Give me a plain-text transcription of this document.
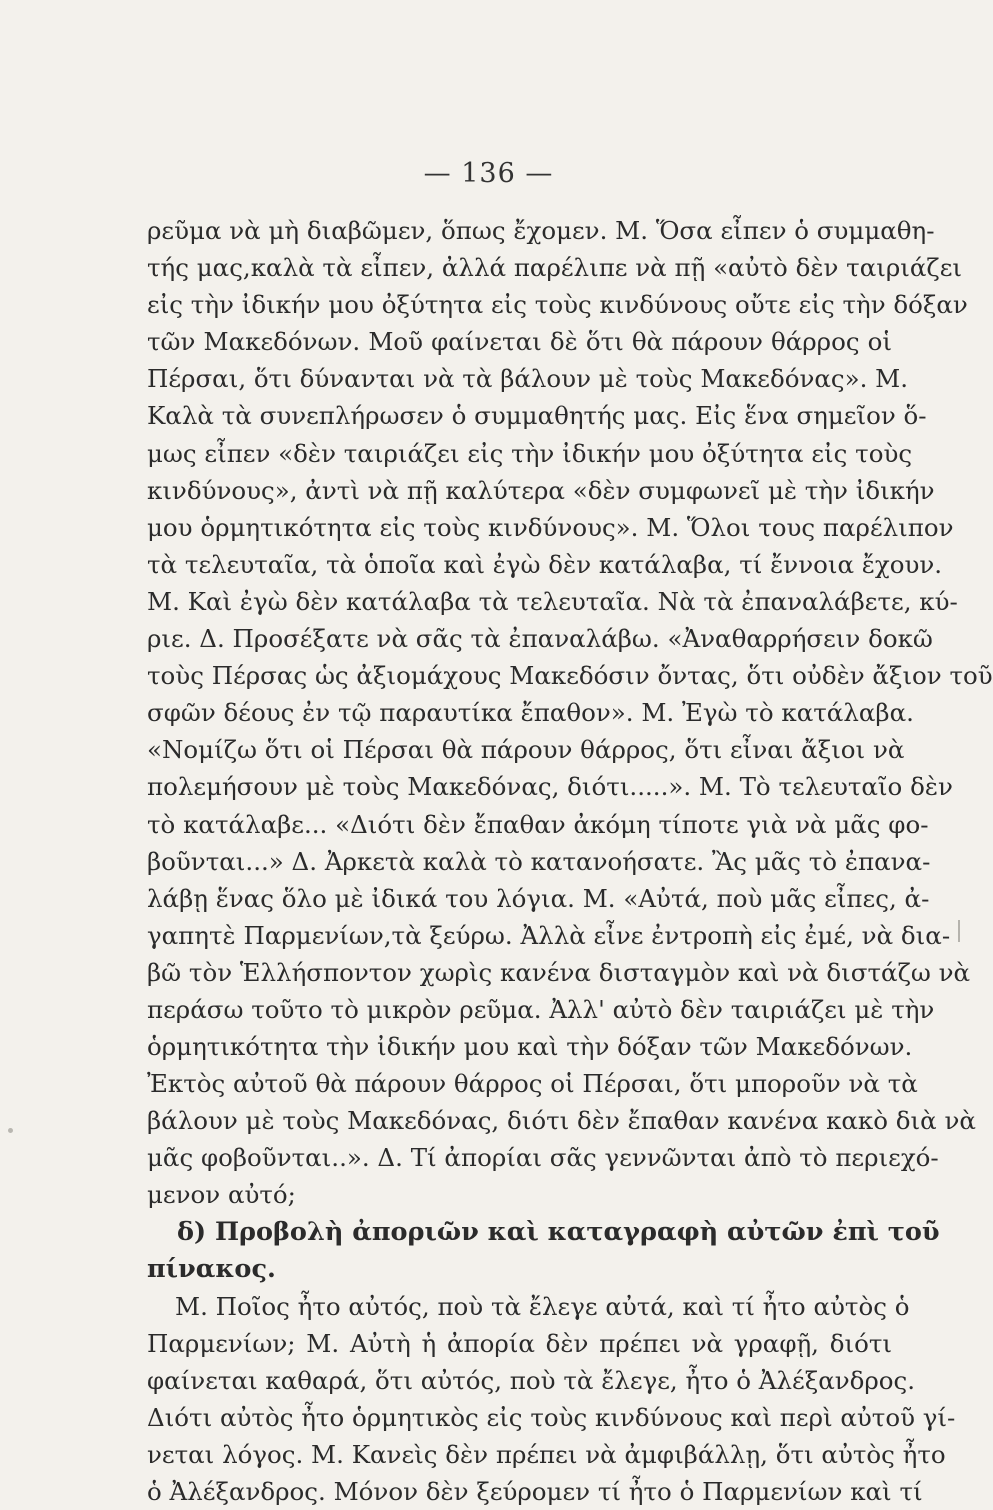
— 136 —
ρεῦμα νὰ μὴ διαβῶμεν, ὅπως ἔχομεν. Μ. Ὅσα εἶπεν ὁ συμμαθη-
τής μας,καλὰ τὰ εἶπεν, ἀλλά παρέλιπε νὰ πῇ «αὐτὸ δὲν ταιριάζει
εἰς τὴν ἰδικήν μου ὀξύτητα εἰς τοὺς κινδύνους οὔτε εἰς τὴν δόξαν
τῶν Μακεδόνων. Μοῦ φαίνεται δὲ ὅτι θὰ πάρουν θάρρος οἱ
Πέρσαι, ὅτι δύνανται νὰ τὰ βάλουν μὲ τοὺς Μακεδόνας». Μ.
Καλὰ τὰ συνεπλήρωσεν ὁ συμμαθητής μας. Εἰς ἕνα σημεῖον ὅ-
μως εἶπεν «δὲν ταιριάζει εἰς τὴν ἰδικήν μου ὀξύτητα εἰς τοὺς
κινδύνους», ἀντὶ νὰ πῇ καλύτερα «δὲν συμφωνεῖ μὲ τὴν ἰδικήν
μου ὁρμητικότητα εἰς τοὺς κινδύνους». Μ. Ὅλοι τους παρέλιπον
τὰ τελευταῖα, τὰ ὁποῖα καὶ ἐγὼ δὲν κατάλαβα, τί ἔννοια ἔχουν.
Μ. Καὶ ἐγὼ δὲν κατάλαβα τὰ τελευταῖα. Νὰ τὰ ἐπαναλάβετε, κύ-
ριε. Δ. Προσέξατε νὰ σᾶς τὰ ἐπαναλάβω. «Ἀναθαρρήσειν δοκῶ
τοὺς Πέρσας ὡς ἀξιομάχους Μακεδόσιν ὄντας, ὅτι οὐδὲν ἄξιον τοῦ
σφῶν δέους ἐν τῷ παραυτίκα ἔπαθον». Μ. Ἐγὼ τὸ κατάλαβα.
«Νομίζω ὅτι οἱ Πέρσαι θὰ πάρουν θάρρος, ὅτι εἶναι ἄξιοι νὰ
πολεμήσουν μὲ τοὺς Μακεδόνας, διότι.....». Μ. Τὸ τελευταῖο δὲν
τὸ κατάλαβε... «Διότι δὲν ἔπαθαν ἀκόμη τίποτε γιὰ νὰ μᾶς φο-
βοῦνται...» Δ. Ἀρκετὰ καλὰ τὸ κατανοήσατε. Ἂς μᾶς τὸ ἐπανα-
λάβῃ ἕνας ὅλο μὲ ἰδικά του λόγια. Μ. «Αὐτά, ποὺ μᾶς εἶπες, ἀ-
γαπητὲ Παρμενίων,τὰ ξεύρω. Ἀλλὰ εἶνε ἐντροπὴ εἰς ἐμέ, νὰ δια-
βῶ τὸν Ἑλλήσποντον χωρὶς κανένα δισταγμὸν καὶ νὰ διστάζω νὰ
περάσω τοῦτο τὸ μικρὸν ρεῦμα. Ἀλλ' αὐτὸ δὲν ταιριάζει μὲ τὴν
ὁρμητικότητα τὴν ἰδικήν μου καὶ τὴν δόξαν τῶν Μακεδόνων.
Ἐκτὸς αὐτοῦ θὰ πάρουν θάρρος οἱ Πέρσαι, ὅτι μποροῦν νὰ τὰ
βάλουν μὲ τοὺς Μακεδόνας, διότι δὲν ἔπαθαν κανένα κακὸ διὰ νὰ
μᾶς φοβοῦνται..». Δ. Τί ἀπορίαι σᾶς γεννῶνται ἀπὸ τὸ περιεχό-
μενον αὐτό;
δ) Προβολὴ ἀποριῶν καὶ καταγραφὴ αὐτῶν ἐπὶ τοῦ
πίνακος.
Μ. Ποῖος ἦτο αὐτός, ποὺ τὰ ἔλεγε αὐτά, καὶ τί ἦτο αὐτὸς ὁ
Παρμενίων; Μ. Αὐτὴ ἡ ἀπορία δὲν πρέπει νὰ γραφῇ, διότι
φαίνεται καθαρά, ὅτι αὐτός, ποὺ τὰ ἔλεγε, ἦτο ὁ Ἀλέξανδρος.
Διότι αὐτὸς ἦτο ὁρμητικὸς εἰς τοὺς κινδύνους καὶ περὶ αὐτοῦ γί-
νεται λόγος. Μ. Κανεὶς δὲν πρέπει νὰ ἀμφιβάλλῃ, ὅτι αὐτὸς ἦτο
ὁ Ἀλέξανδρος. Μόνον δὲν ξεύρομεν τί ἦτο ὁ Παρμενίων καὶ τί
